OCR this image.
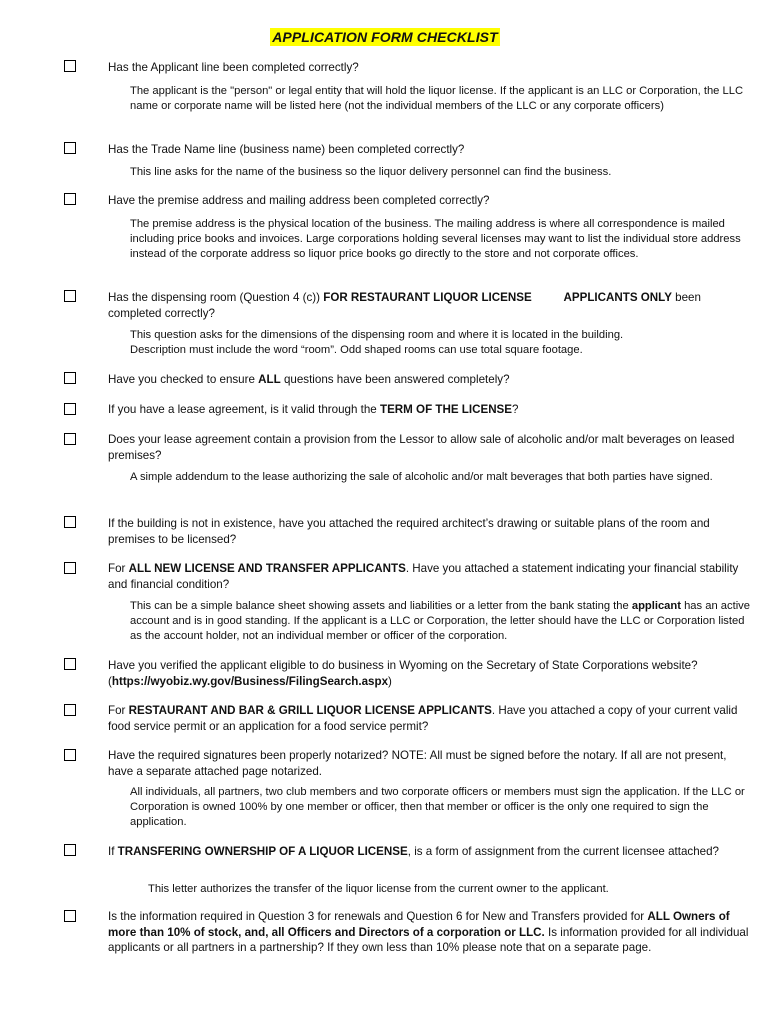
APPLICATION FORM CHECKLIST
Has the Applicant line been completed correctly?
The applicant is the "person" or legal entity that will hold the liquor license. If the applicant is an LLC or Corporation, the LLC name or corporate name will be listed here (not the individual members of the LLC or any corporate officers)
Has the Trade Name line (business name) been completed correctly?
This line asks for the name of the business so the liquor delivery personnel can find the business.
Have the premise address and mailing address been completed correctly?
The premise address is the physical location of the business. The mailing address is where all correspondence is mailed including price books and invoices. Large corporations holding several licenses may want to list the individual store address instead of the corporate address so liquor price books go directly to the store and not corporate offices.
Has the dispensing room (Question 4 (c)) FOR RESTAURANT LIQUOR LICENSE          APPLICANTS ONLY been completed correctly?
This question asks for the dimensions of the dispensing room and where it is located in the building.
Description must include the word “room”. Odd shaped rooms can use total square footage.
Have you checked to ensure ALL questions have been answered completely?
If you have a lease agreement, is it valid through the TERM OF THE LICENSE?
Does your lease agreement contain a provision from the Lessor to allow sale of alcoholic and/or malt beverages on leased premises?
A simple addendum to the lease authorizing the sale of alcoholic and/or malt beverages that both parties have signed.
If the building is not in existence, have you attached the required architect’s drawing or suitable plans of the room and premises to be licensed?
For ALL NEW LICENSE AND TRANSFER APPLICANTS. Have you attached a statement indicating your financial stability and financial condition?
This can be a simple balance sheet showing assets and liabilities or a letter from the bank stating the applicant has an active account and is in good standing. If the applicant is a LLC or Corporation, the letter should have the LLC or Corporation listed as the account holder, not an individual member or officer of the corporation.
Have you verified the applicant eligible to do business in Wyoming on the Secretary of State Corporations website? (https://wyobiz.wy.gov/Business/FilingSearch.aspx)
For RESTAURANT AND BAR & GRILL LIQUOR LICENSE APPLICANTS. Have you attached a copy of your current valid food service permit or an application for a food service permit?
Have the required signatures been properly notarized? NOTE: All must be signed before the notary. If all are not present, have a separate attached page notarized.
All individuals, all partners, two club members and two corporate officers or members must sign the application. If the LLC or Corporation is owned 100% by one member or officer, then that member or officer is the only one required to sign the application.
If TRANSFERING OWNERSHIP OF A LIQUOR LICENSE, is a form of assignment from the current licensee attached?
This letter authorizes the transfer of the liquor license from the current owner to the applicant.
Is the information required in Question 3 for renewals and Question 6 for New and Transfers provided for ALL Owners of more than 10% of stock, and, all Officers and Directors of a corporation or LLC. Is information provided for all individual applicants or all partners in a partnership? If they own less than 10% please note that on a separate page.
